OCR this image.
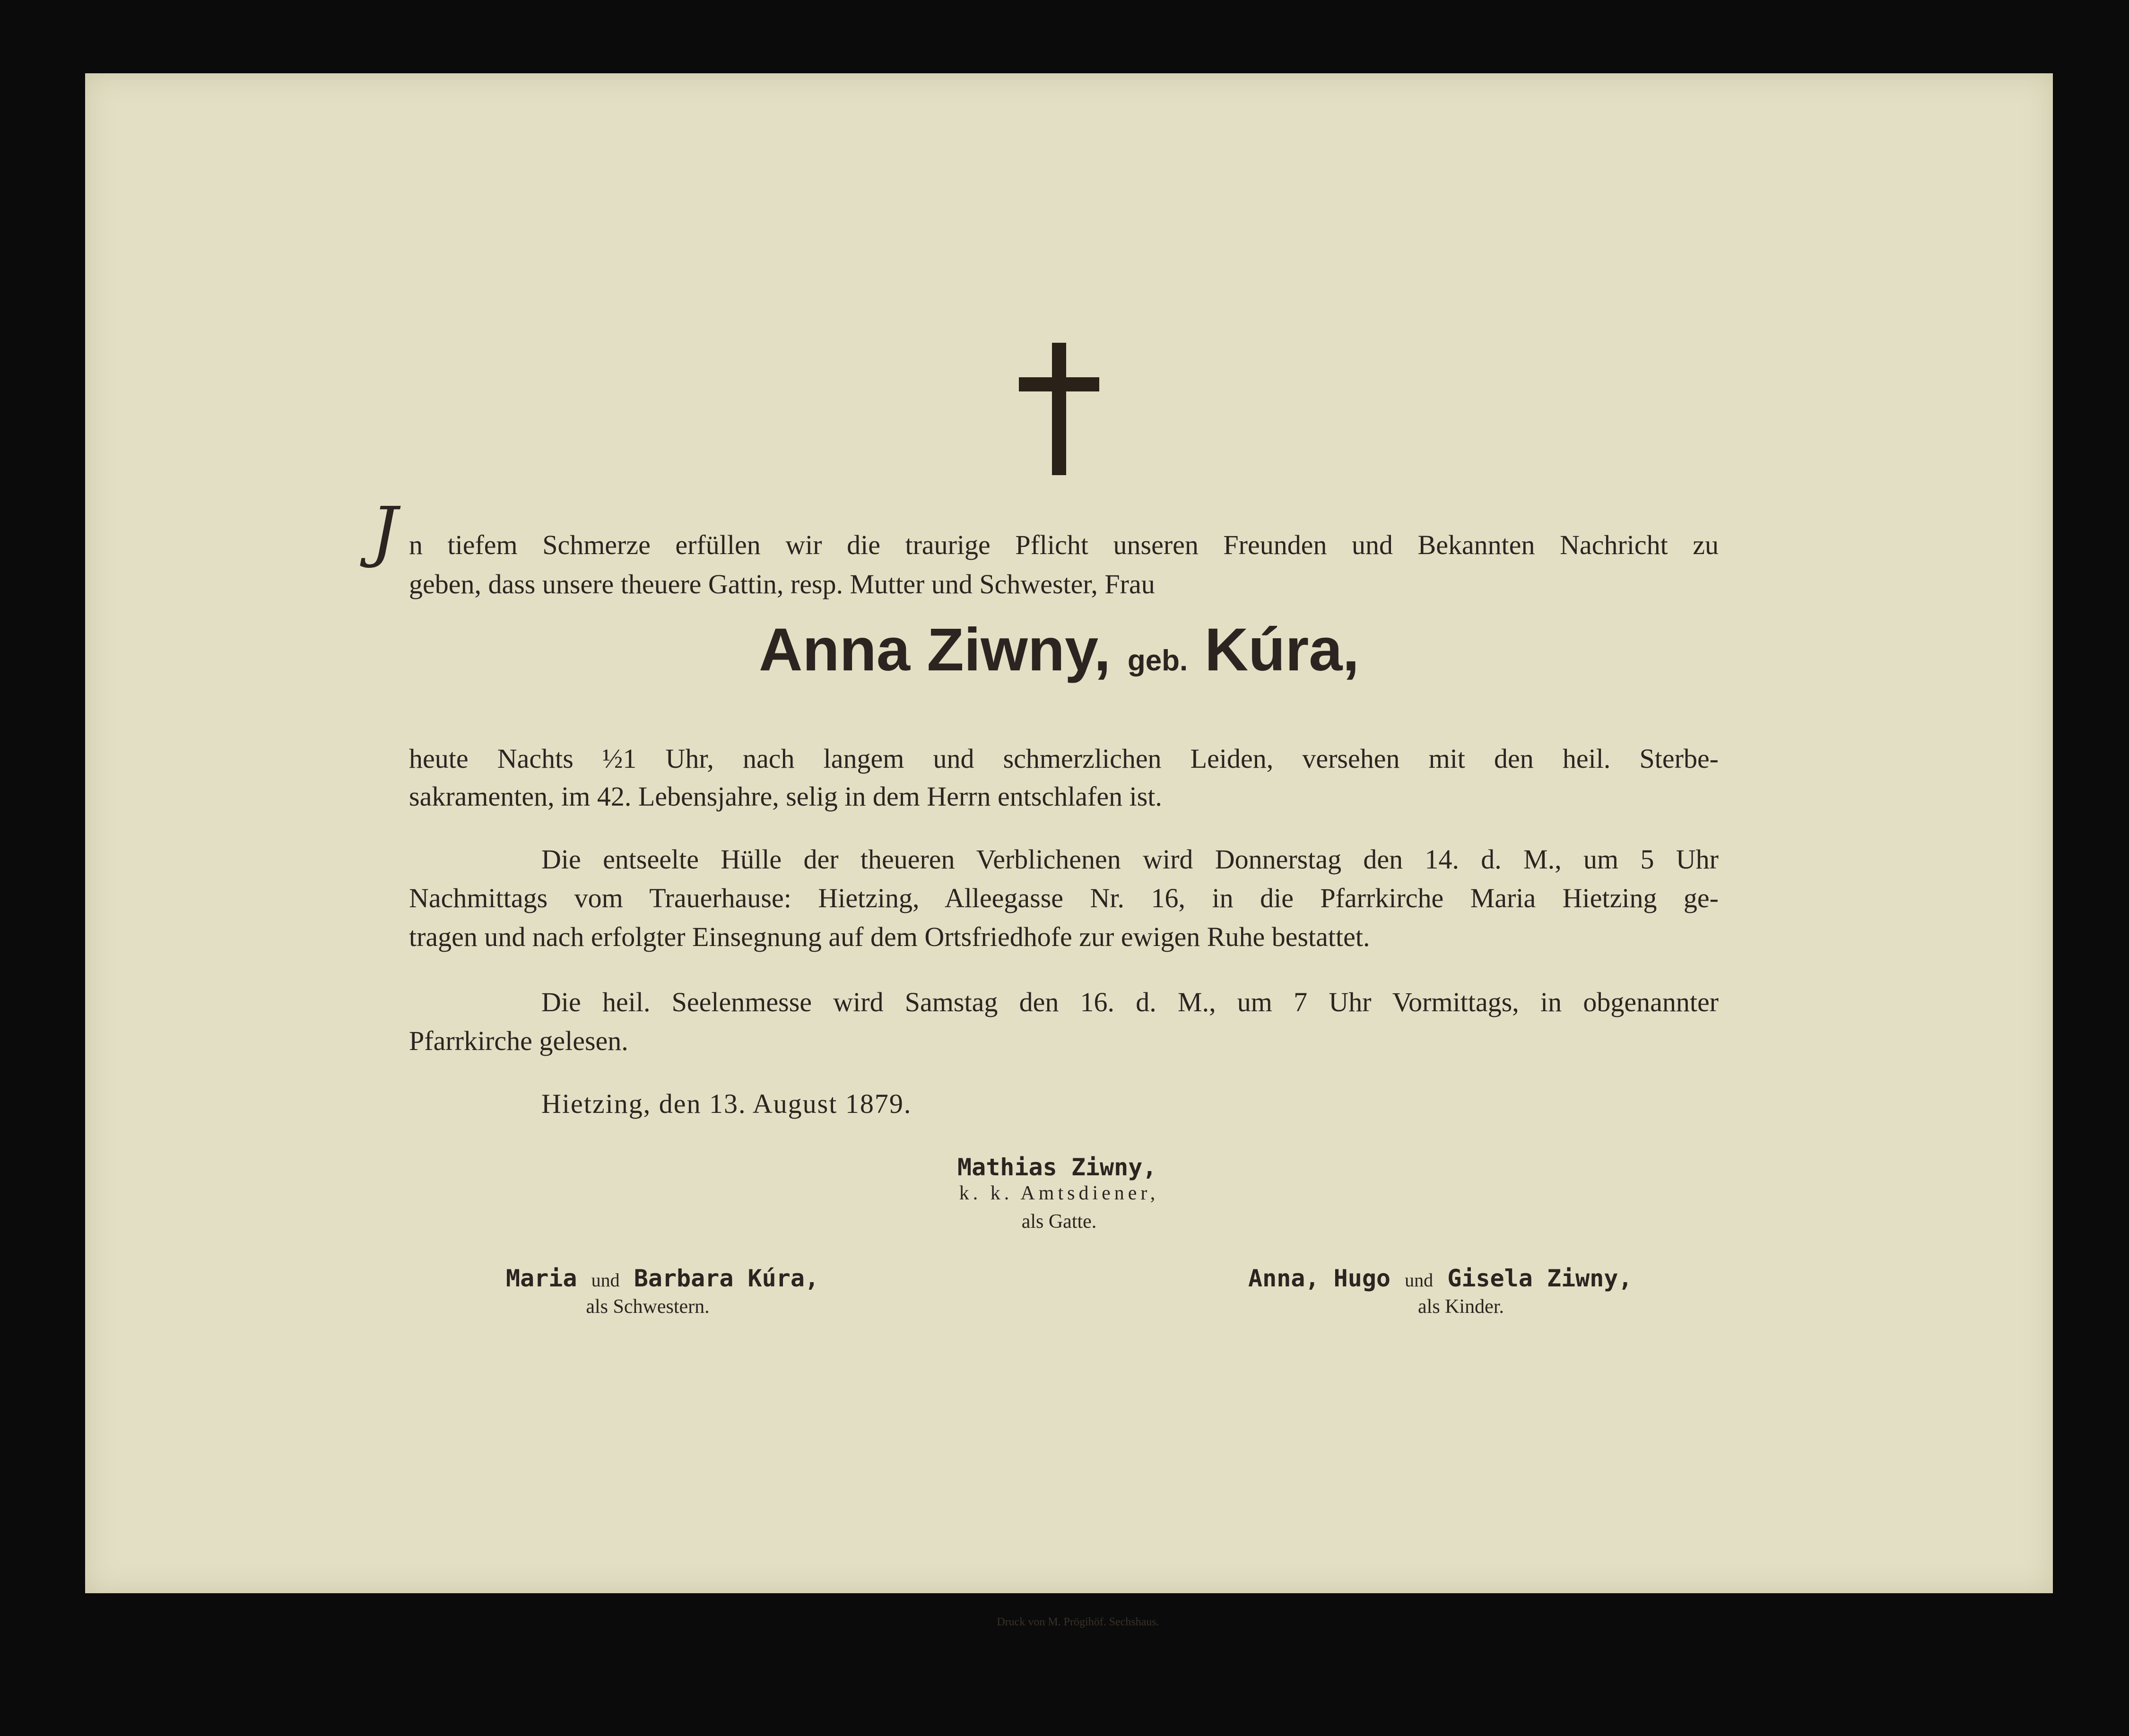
J n tiefem Schmerze erfüllen wir die traurige Pflicht unseren Freunden und Bekannten Nachricht zu
geben, dass unsere theuere Gattin, resp. Mutter und Schwester, Frau
Anna Ziwny, geb. Kúra,
heute Nachts ½1 Uhr, nach langem und schmerzlichen Leiden, versehen mit den heil. Sterbe-
sakramenten, im 42. Lebensjahre, selig in dem Herrn entschlafen ist.
Die entseelte Hülle der theueren Verblichenen wird Donnerstag den 14. d. M., um 5 Uhr
Nachmittags vom Trauerhause: Hietzing, Alleegasse Nr. 16, in die Pfarrkirche Maria Hietzing ge-
tragen und nach erfolgter Einsegnung auf dem Ortsfriedhofe zur ewigen Ruhe bestattet.
Die heil. Seelenmesse wird Samstag den 16. d. M., um 7 Uhr Vormittags, in obgenannter
Pfarrkirche gelesen.
Hietzing, den 13. August 1879.
Mathias Ziwny,
k. k. Amtsdiener,
als Gatte.
Maria und Barbara Kúra,
als Schwestern.
Anna, Hugo und Gisela Ziwny,
als Kinder.
Druck von M. Prögihöf. Sechshaus.
